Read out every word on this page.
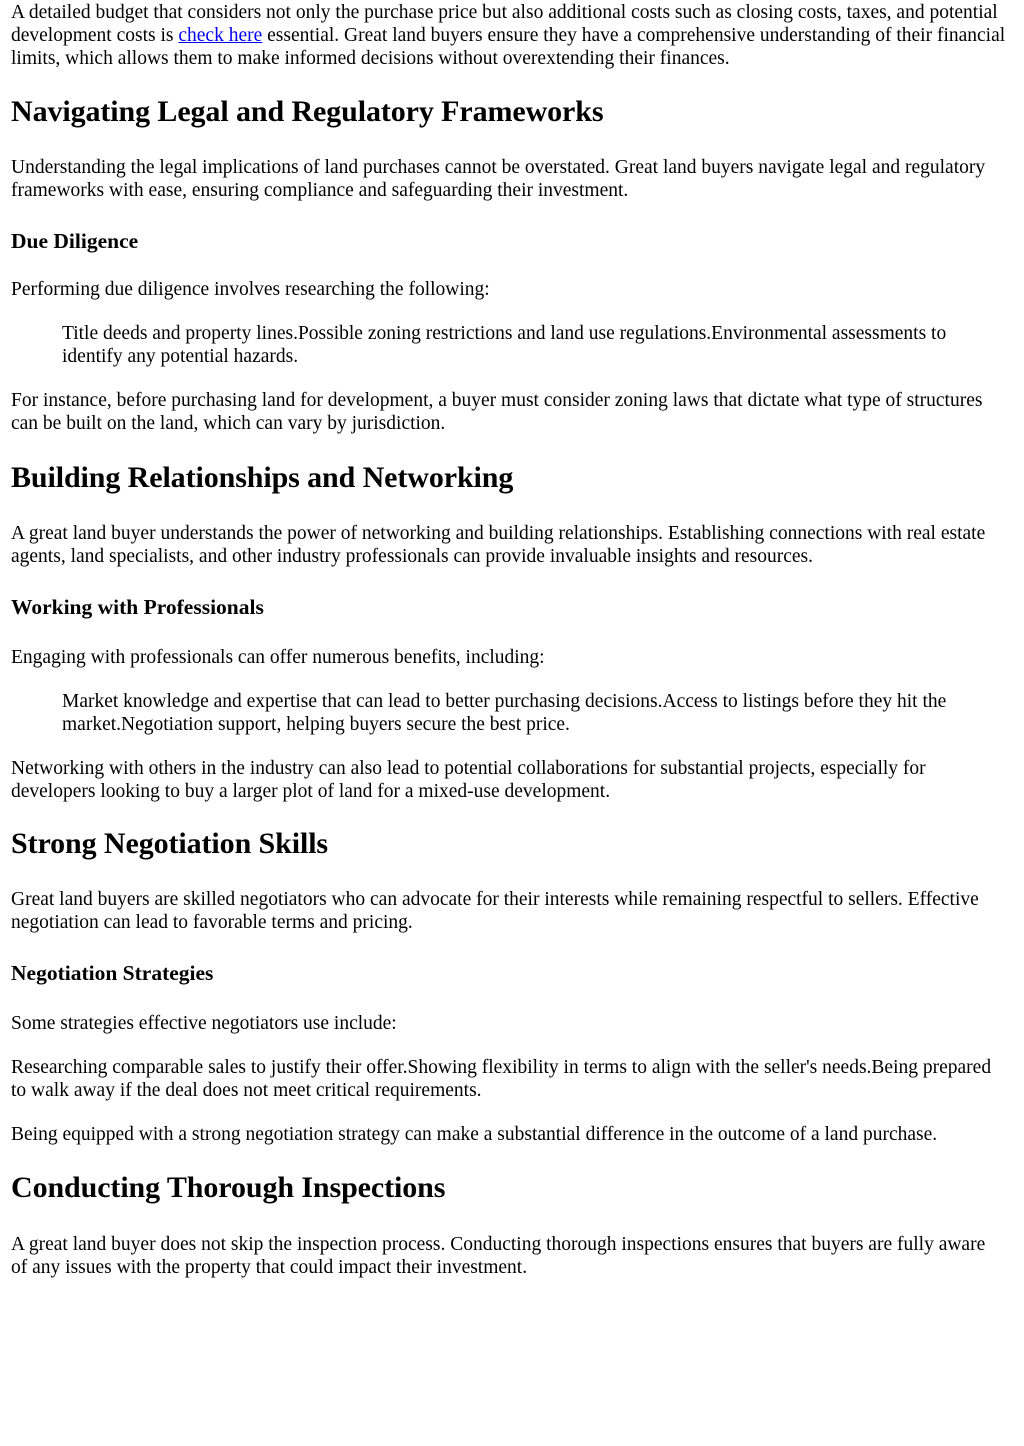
A detailed budget that considers not only the purchase price but also additional costs such as closing costs, taxes, and potential development costs is check here essential. Great land buyers ensure they have a comprehensive understanding of their financial limits, which allows them to make informed decisions without overextending their finances.

Navigating Legal and Regulatory Frameworks

Understanding the legal implications of land purchases cannot be overstated. Great land buyers navigate legal and regulatory frameworks with ease, ensuring compliance and safeguarding their investment.

Due Diligence

Performing due diligence involves researching the following:

Title deeds and property lines.Possible zoning restrictions and land use regulations.Environmental assessments to identify any potential hazards.

For instance, before purchasing land for development, a buyer must consider zoning laws that dictate what type of structures can be built on the land, which can vary by jurisdiction.

Building Relationships and Networking

A great land buyer understands the power of networking and building relationships. Establishing connections with real estate agents, land specialists, and other industry professionals can provide invaluable insights and resources.

Working with Professionals

Engaging with professionals can offer numerous benefits, including:

Market knowledge and expertise that can lead to better purchasing decisions.Access to listings before they hit the market.Negotiation support, helping buyers secure the best price.

Networking with others in the industry can also lead to potential collaborations for substantial projects, especially for developers looking to buy a larger plot of land for a mixed-use development.

Strong Negotiation Skills

Great land buyers are skilled negotiators who can advocate for their interests while remaining respectful to sellers. Effective negotiation can lead to favorable terms and pricing.

Negotiation Strategies

Some strategies effective negotiators use include:

Researching comparable sales to justify their offer.Showing flexibility in terms to align with the seller's needs.Being prepared to walk away if the deal does not meet critical requirements.

Being equipped with a strong negotiation strategy can make a substantial difference in the outcome of a land purchase.

Conducting Thorough Inspections

A great land buyer does not skip the inspection process. Conducting thorough inspections ensures that buyers are fully aware of any issues with the property that could impact their investment.
